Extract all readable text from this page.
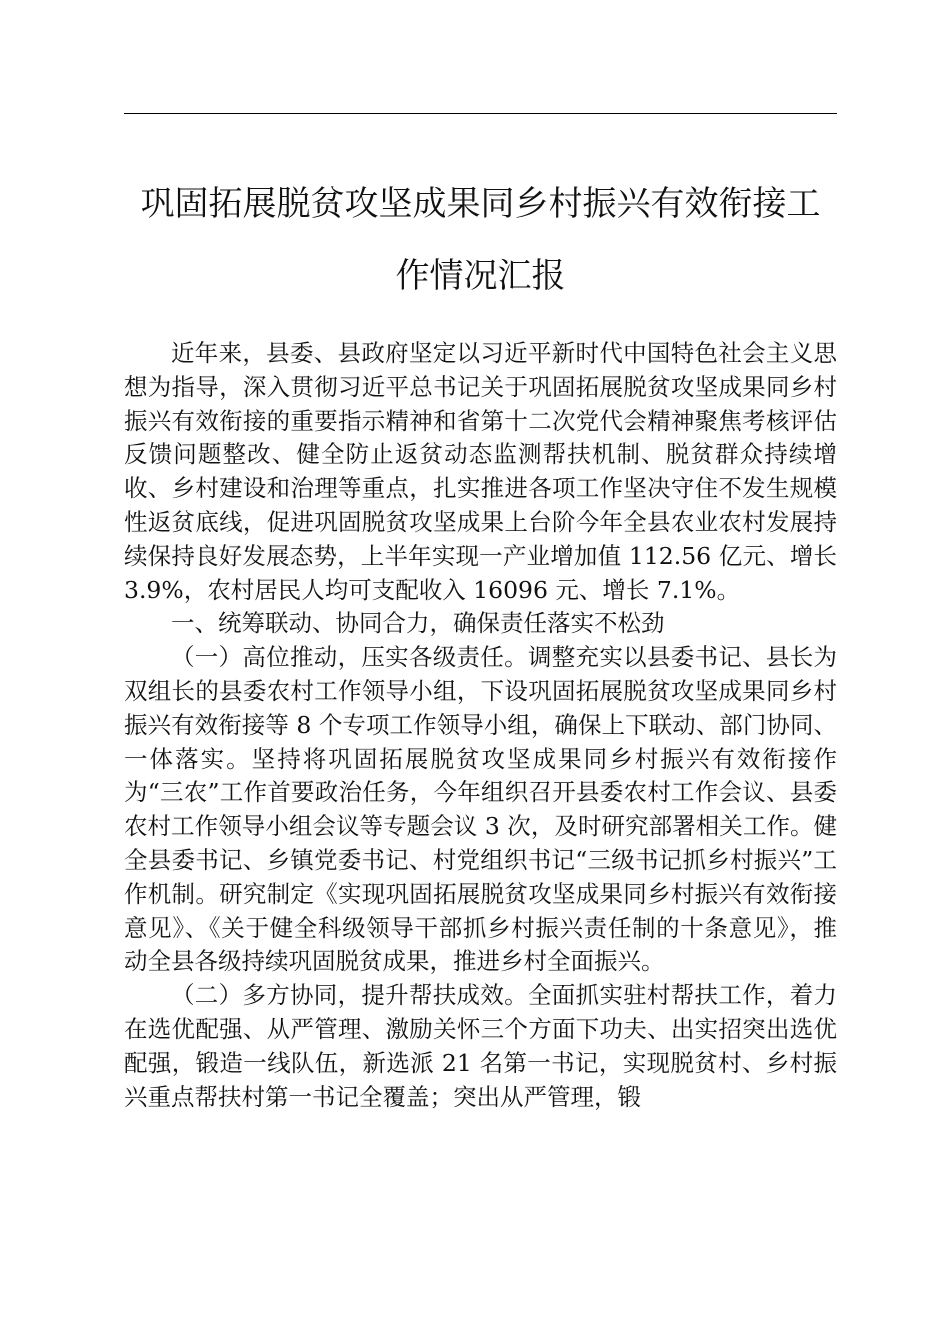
巩固拓展脱贫攻坚成果同乡村振兴有效衔接工作情况汇报

近年来，县委、县政府坚定以习近平新时代中国特色社会主义思想为指导，深入贯彻习近平总书记关于巩固拓展脱贫攻坚成果同乡村振兴有效衔接的重要指示精神和省第十二次党代会精神聚焦考核评估反馈问题整改、健全防止返贫动态监测帮扶机制、脱贫群众持续增收、乡村建设和治理等重点，扎实推进各项工作坚决守住不发生规模性返贫底线，促进巩固脱贫攻坚成果上台阶今年全县农业农村发展持续保持良好发展态势，上半年实现一产业增加值 112.56 亿元、增长 3.9%，农村居民人均可支配收入 16096 元、增长 7.1%。

一、统筹联动、协同合力，确保责任落实不松劲

（一）高位推动，压实各级责任。调整充实以县委书记、县长为双组长的县委农村工作领导小组，下设巩固拓展脱贫攻坚成果同乡村振兴有效衔接等 8 个专项工作领导小组，确保上下联动、部门协同、一体落实。坚持将巩固拓展脱贫攻坚成果同乡村振兴有效衔接作为“三农”工作首要政治任务，今年组织召开县委农村工作会议、县委农村工作领导小组会议等专题会议 3 次，及时研究部署相关工作。健全县委书记、乡镇党委书记、村党组织书记“三级书记抓乡村振兴”工作机制。研究制定《实现巩固拓展脱贫攻坚成果同乡村振兴有效衔接意见》、《关于健全科级领导干部抓乡村振兴责任制的十条意见》，推动全县各级持续巩固脱贫成果，推进乡村全面振兴。

（二）多方协同，提升帮扶成效。全面抓实驻村帮扶工作，着力在选优配强、从严管理、激励关怀三个方面下功夫、出实招突出选优配强，锻造一线队伍，新选派 21 名第一书记，实现脱贫村、乡村振兴重点帮扶村第一书记全覆盖；突出从严管理，锻
